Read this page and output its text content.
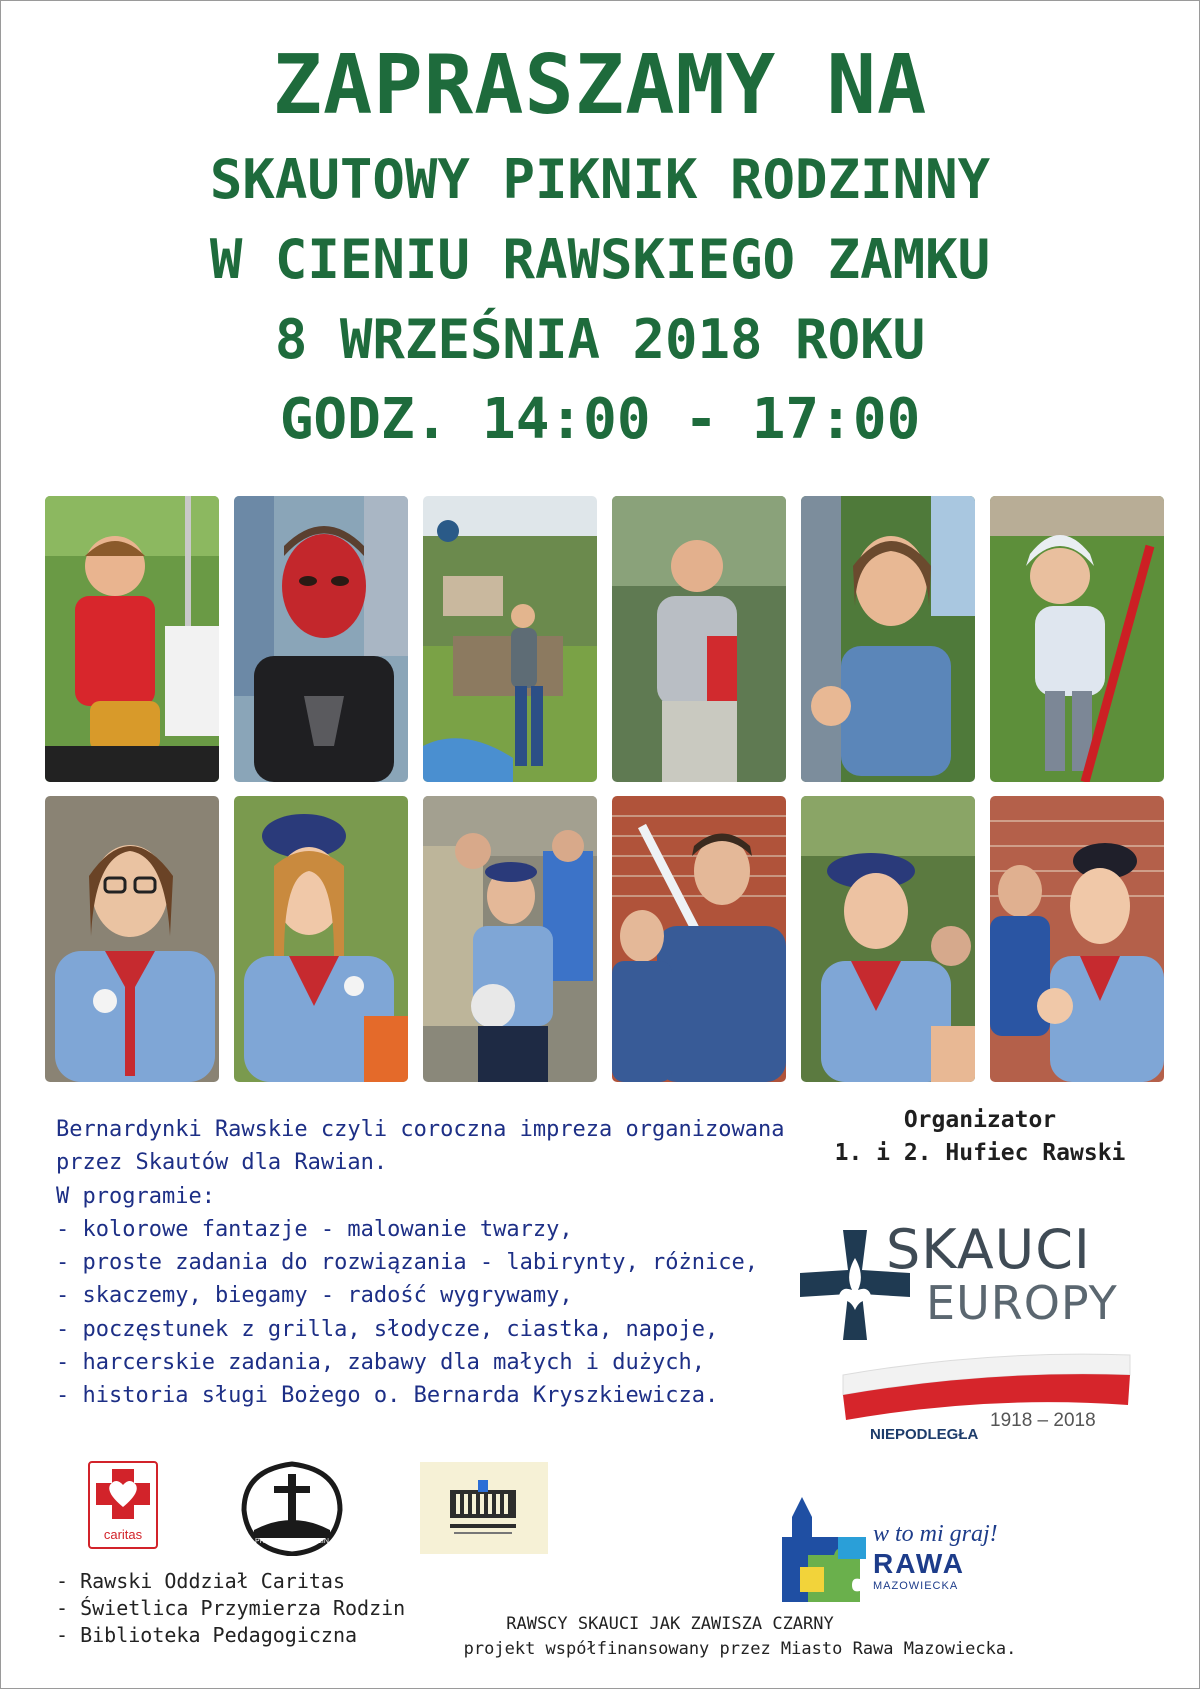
ZAPRASZAMY NA
SKAUTOWY PIKNIK RODZINNY
W CIENIU RAWSKIEGO ZAMKU
8 WRZEŚNIA 2018 ROKU
GODZ. 14:00 - 17:00
Bernardynki Rawskie czyli coroczna impreza organizowana
przez Skautów dla Rawian.
W programie:
- kolorowe fantazje - malowanie twarzy,
- proste zadania do rozwiązania - labirynty, różnice,
- skaczemy, biegamy - radość wygrywamy,
- poczęstunek z grilla, słodycze, ciastka, napoje,
- harcerskie zadania, zabawy dla małych i dużych,
- historia sługi Bożego o. Bernarda Kryszkiewicza.
Organizator
1. i 2. Hufiec Rawski
SKAUCI
EUROPY
NIEPODLEGŁA
1918 – 2018
caritas	PRZYMIERZE RODZIN
- Rawski Oddział Caritas
- Świetlica Przymierza Rodzin
- Biblioteka Pedagogiczna
w to mi graj!
RAWA
MAZOWIECKA
RAWSCY SKAUCI JAK ZAWISZA CZARNY
projekt współfinansowany przez Miasto Rawa Mazowiecka.
